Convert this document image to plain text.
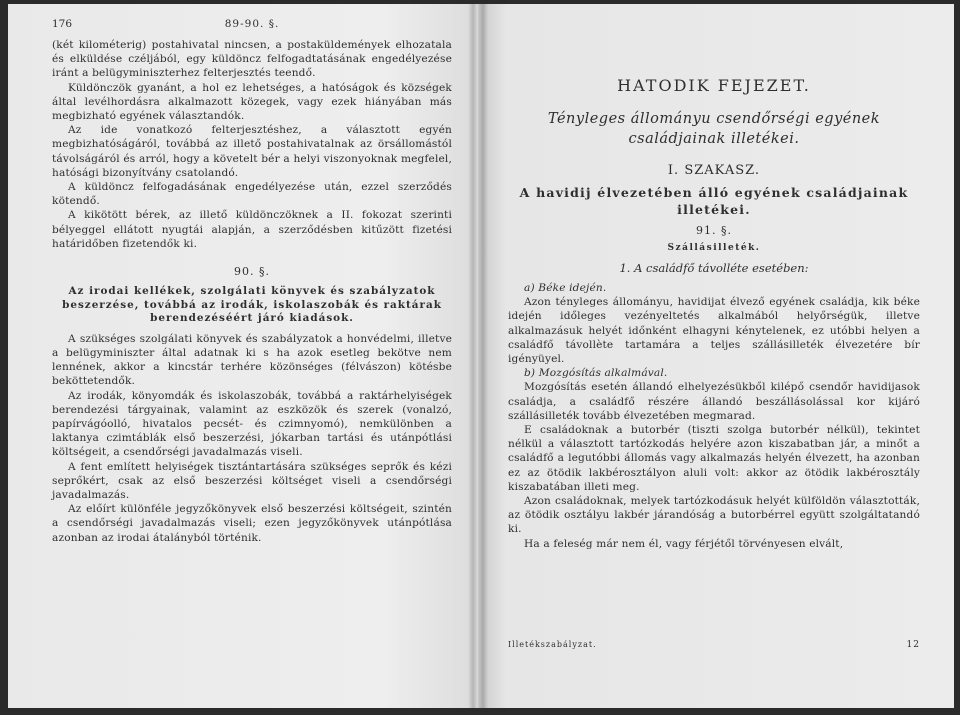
176	89-90. §.

(két kilométerig) postahivatal nincsen, a postaküldemények elhozatala és elküldése czéljából, egy küldöncz felfogadtatásának engedélyezése iránt a belügyminiszterhez felterjesztés teendő.

Küldönczök gyanánt, a hol ez lehetséges, a hatóságok és községek által levélhordásra alkalmazott közegek, vagy ezek hiányában más megbizható egyének választandók.

Az ide vonatkozó felterjesztéshez, a választott egyén megbizhatóságáról, továbbá az illető postahivatalnak az örsállomástól távolságáról és arról, hogy a követelt bér a helyi viszonyoknak megfelel, hatósági bizonyítvány csatolandó.

A küldöncz felfogadásának engedélyezése után, ezzel szerződés kötendő.

A kikötött bérek, az illető küldönczöknek a II. fokozat szerinti bélyeggel ellátott nyugtái alapján, a szerződésben kitűzött fizetési határidőben fizetendők ki.

90. §.
Az irodai kellékek, szolgálati könyvek és szabályzatok beszerzése, továbbá az irodák, iskolaszobák és raktárak berendezéséért járó kiadások.

A szükséges szolgálati könyvek és szabályzatok a honvédelmi, illetve a belügyminiszter által adatnak ki s ha azok esetleg bekötve nem lennének, akkor a kincstár terhére közönséges (félvászon) kötésbe beköttetendők.

Az irodák, könyomdák és iskolaszobák, továbbá a raktárhelyiségek berendezési tárgyainak, valamint az eszközök és szerek (vonalzó, papírvágóolló, hivatalos pecsét- és czimnyomó), nemkülönben a laktanya czimtáblák első beszerzési, jókarban tartási és utánpótlási költségeit, a csendőrségi javadalmazás viseli.

A fent említett helyiségek tisztántartására szükséges seprők és kézi seprőkért, csak az első beszerzési költséget viseli a csendőrségi javadalmazás.

Az előírt különféle jegyzőkönyvek első beszerzési költségeit, szintén a csendőrségi javadalmazás viseli; ezen jegyzőkönyvek utánpótlása azonban az irodai átalányból történik.

HATODIK FEJEZET.
Tényleges állományu csendőrségi egyének családjainak illetékei.
I. SZAKASZ.
A havidij élvezetében álló egyének családjainak illetékei.
91. §.
Szállásilleték.
1. A családfő távolléte esetében:

a) Béke idején.

Azon tényleges állományu, havidijat élvező egyének családja, kik béke idején időleges vezényeltetés alkalmából helyőrségük, illetve alkalmazásuk helyét időnként elhagyni kénytelenek, ez utóbbi helyen a családfő távollète tartamára a teljes szállásilleték élvezetére bír igényüyel.

b) Mozgósítás alkalmával.

Mozgósítás esetén állandó elhelyezésükből kilépő csendőr havidijasok családja, a családfő részére állandó beszállásolással kor kijáró szállásilleték tovább élvezetében megmarad.

E családoknak a butorbér (tiszti szolga butorbér nélkül), tekintet nélkül a választott tartózkodás helyére azon kiszabatban jár, a minőt a családfő a legutóbbi állomás vagy alkalmazás helyén élvezett, ha azonban ez az ötödik lakbérosztályon aluli volt: akkor az ötödik lakbérosztály kiszabatában illeti meg.

Azon családoknak, melyek tartózkodásuk helyét külföldön választották, az ötödik osztályu lakbér járandóság a butorbérrel együtt szolgáltatandó ki.

Ha a feleség már nem él, vagy férjétől törvényesen elvált,

Illetékszabályzat.	12
